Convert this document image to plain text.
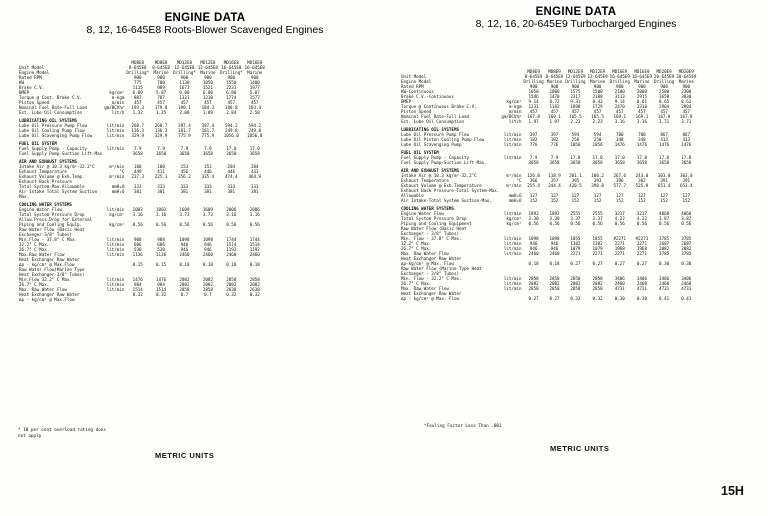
ENGINE DATA
8, 12, 16-645E8 Roots-Blower Scavenged Engines
		MD8E8	MD8E8	MD12E8	MD12E8	MD16E8	MD16E8
Unit Model		8-645E8	8-645E8	12-645E8	12-645E8	16-645E8	16-645E8
Engine Model		Drilling*	Marine	Drilling*	Marine	Drilling*	Marine
Rated RPM		900	900	900	900	900	900
KW		775	700	1130	1050	1550	1400
Brake C.V.		1115	989	1673	1521	2231	1977
BMEP	kg/cm²	6.80	5.87	6.80	6.00	6.80	5.87
Torque @ Cont. Brake C.V.	m-kgm	887	787	1331	1210	1774	1577
Piston Speed	m/min	457	457	457	457	457	457
Nominal Fuel Rate-Full Load	gm/BCVhr	193.3	179.8	190.1	184.3	188.8	183.4
Est. Lube Oil Consumption	lit/h	1.32	1.25	2.08	1.89	2.84	2.50
LUBRICATING OIL SYSTEMS							
Lube Oil Pressure Pump Flow	lit/min	268.7	268.7	397.4	397.4	594.2	594.2
Lube Oil Cooling Pump Flow	lit/min	136.3	136.3	181.7	181.7	249.8	249.8
Lube Oil Scavenging Pump Flow	lit/min	329.9	329.9	775.9	775.9	1056.0	1056.0
FUEL OIL SYSTEM							
Fuel Supply Pump - Capacity	lit/min	7.9	7.9	7.9	7.9	17.0	17.0
Fuel Supply Pump-Suction Lift-Max		3658	3658	3658	3658	3658	3658
AIR AND EXHAUST SYSTEMS							
Intake Air @ 10.3 kg/m²-32.2°C	m³/min	100	100	153	153	204	204
Exhaust Temperature	°C	449	411	456	446	446	433
Exhaust Volume @ Exh.Temp.	m³/min	237.3	225.1	356.2	335.4	474.4	464.9
Exhaust Back Pressure							
Total System Max.Allowable	mmH₂O	333	333	333	333	333	333
Air Intake Total System Suction	mmH₂O	381	381	381	381	381	381
Max.							
COOLING WATER SYSTEMS							
Engine Water Flow	lit/min	1003	1003	1609	1609	2006	2006
Total System Pressure Drop	kg/cm²	3.16	3.16	3.73	3.73	3.16	3.16
Allow.Press.Drop for External							
Piping and Cooling Equip.	kg/cm²	0.56	0.56	0.56	0.56	0.56	0.56
Raw Water Flow (Basic Heat							
Exchanger-3/8" Tubes)							
Min.Flow - 37.8° C Max.	lit/min	908	908	1098	1098	1744	1744
32.2° C Max.	lit/min	606	606	946	946	1514	1514
26.7° C Max.	lit/min	530	530	946	946	1192	1192
Max.Raw Water Flow	lit/min	1136	1136	2460	2460	2460	2460
Heat Exchanger Raw Water							
Δp - kg/cm² @ Max.Flow		0.15	0.15	0.18	0.18	0.18	0.18
Raw Water Flow(Marine Type							
Heat Exchanger-3/8" Tubes)							
Min.Flow 32.2° C Max.	lit/min	1476	1476	2082	2082	2858	2858
26.7° C Max.	lit/min	984	984	2082	2082	2082	2082
Max. Raw Water Flow	lit/min	1514	1514	2858	2858	2638	2638
Heat Exchanger Raw Water		0.32	0.32	0.7	0.7	0.32	0.32
Δp - kg/cm² @ Max.Flow							
* 10 per cent overload rating does
not apply
METRIC UNITS
ENGINE DATA
8, 12, 16, 20-645E9 Turbocharged Engines
		MD8E9	MD8E9	MD12E9	MD12E9	MD16E9	MD16E9	MD20E9	MD20E9
Unit Model		8-645E9	8-645E9	12-645E9	12-645E9	16-645E9	16-645E9	20-645E9	20-645E9
Engine Model		Drilling	Marine	Drilling	Marine	Drilling	Marine	Drilling	Marine
Rated RPM		900	900	900	900	900	900	900	900
KW-Continuous		1050	1000	1575	1500	2100	2000	2500	2300
Brake C.V.-Continuous		1546	1470	2317	2188	3113	2915	3650	3830
BMEP	kg/cm²	9.14	8.72	9.31	8.42	9.14	8.61	8.65	8.62
Torque @ Continuous Brake C.V.	m-kgm	1231	1182	1890	1729	2470	2310	2904	2904
Piston Speed	m/min	457	457	457	457	457	457	457	457
Nominal Fuel Rate-Full Load	gm/BCVhr	167.8	169.1	165.5	165.5	169.1	169.1	167.8	167.8
Est. Lube Oil Consumption	lit/h	1.97	1.97	2.23	2.23	3.16	3.16	3.71	3.71
LUBRICATING OIL SYSTEMS									
Lube Oil Pressure Pump Flow	lit/min	397	397	594	594	700	700	867	867
Lube Oil Piston Cooling Pump Flow	lit/min	182	182	250	250	348	348	413	413
Lube Oil Scavenging Pump	lit/min	776	776	1056	1056	1476	1476	1476	1476
FUEL OIL SYSTEM									
Fuel Supply Pump - Capacity	lit/min	7.9	7.9	17.0	17.0	17.0	17.0	17.0	17.0
Fuel Supply Pump-Suction Lift-Max.		3658	3658	3658	3658	3658	3658	3658	3658
AIR AND EXHAUST SYSTEMS									
Intake Air @ 10.3 kg/m²-32.2°C	m³/min	126.0	118.9	201.1	180.2	267.6	243.0	303.0	303.0
Exhaust Temperature	°C	366	357	395	393	396	382	391	391
Exhaust Volume @ Exh.Temperature	m³/min	255.4	244.4	420.5	390.8	577.7	525.9	651.4	651.4
Exhaust Back Pressure-Total System-Max.									
Allowable	mmH₂O	127	127	127	127	127	127	127	127
Air Intake-Total System Suction-Max.	mmH₂O	152	152	152	152	152	152	152	152
COOLING WATER SYSTEMS									
Engine Water Flow	lit/min	1892	1892	2555	2555	3217	3217	4068	4068
Total System Pressure Drop	kg/cm²	3.30	3.30	3.37	3.37	4.22	4.22	3.87	3.87
Piping and Cooling Equipment	kg/cm²	0.56	0.56	0.56	0.56	0.56	0.56	0.56	0.56
Raw Water Flow (Basic Heat									
Exchanger - 3/8" Tubes)									
Min. Flow - 37.8° C Max.	lit/min	1098	1098	1855	1855	#2271	#2271	3785	3785
32.2° C Max.	lit/min	946	946	1382	1382	2271	2271	2687	2687
26.7° C Max.	lit/min	946	946	1079	1079	1968	1968	2082	2082
Max. Raw Water Flow	lit/min	2460	2460	2271	2271	2271	2271	3785	3785
Heat Exchanger Raw Water									
Δp-kg/cm² @ Max. Flow		0.18	0.18	0.27	0.27	0.27	0.27	0.30	0.30
Raw Water Flow (Marine Type Heat									
Exchanger - 3/8" Tubes)									
Min. Flow - 32.2° C Max.	lit/min	2858	2858	2858	2858	3406	3406	3406	3406
26.7° C Max.	lit/min	2082	2082	2082	2082	2460	2460	2460	2460
Max. Raw Water Flow	lit/min	2858	2858	2858	2858	4731	4731	4731	4731
Heat Exchanger Raw Water									
Δp - kg/cm² @ Max. Flow		0.27	0.27	0.32	0.32	0.30	0.30	0.41	0.41
*Fouling Factor Less Than .001
METRIC UNITS
15H
